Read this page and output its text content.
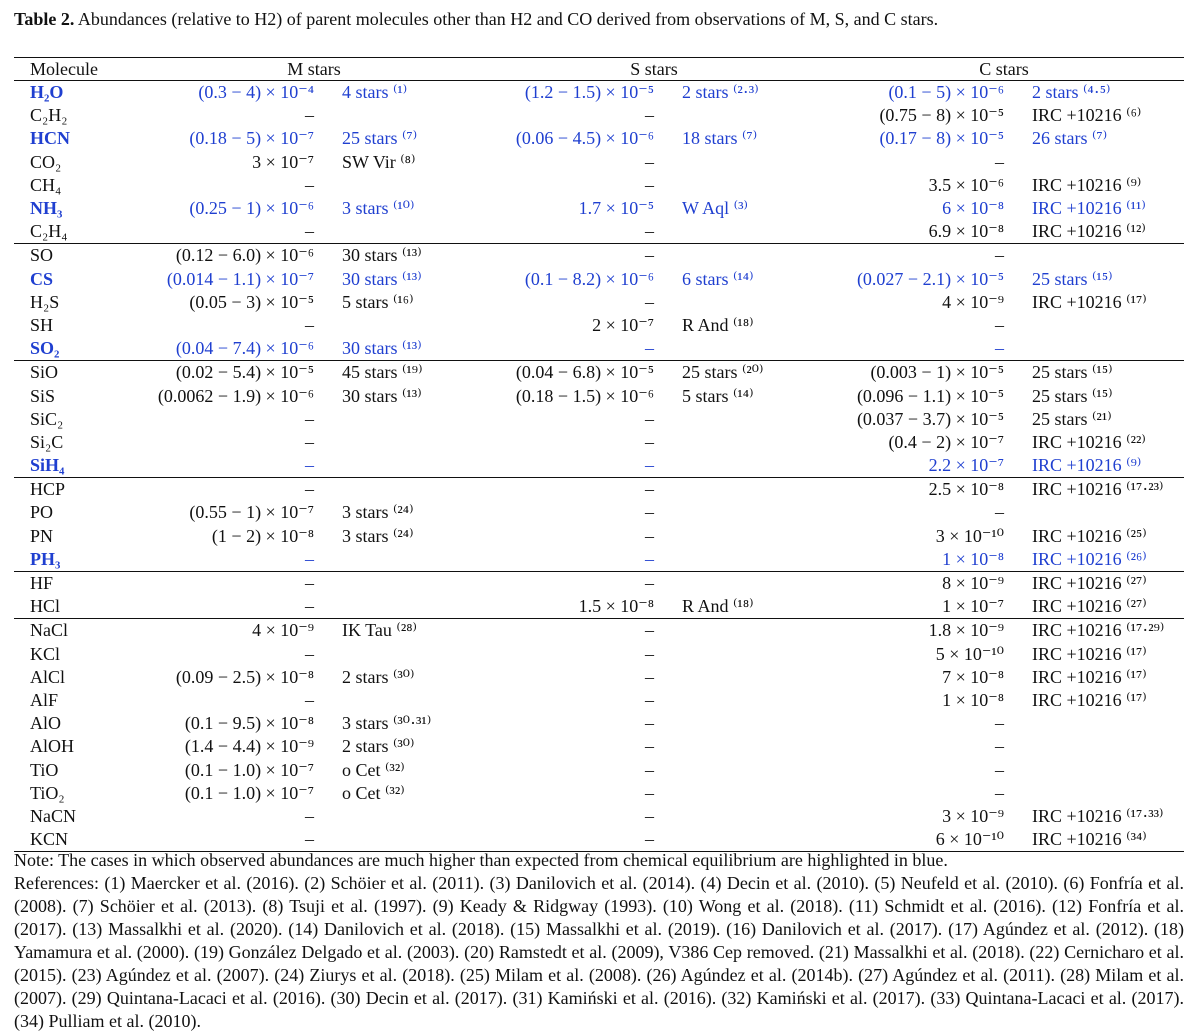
Table 2. Abundances (relative to H2) of parent molecules other than H2 and CO derived from observations of M, S, and C stars.
Molecule	M stars		S stars		C stars	
H₂O	(0.3 − 4) × 10⁻⁴	4 stars ⁽¹⁾	(1.2 − 1.5) × 10⁻⁵	2 stars ⁽²·³⁾	(0.1 − 5) × 10⁻⁶	2 stars ⁽⁴·⁵⁾
C₂H₂	–		–		(0.75 − 8) × 10⁻⁵	IRC +10216 ⁽⁶⁾
HCN	(0.18 − 5) × 10⁻⁷	25 stars ⁽⁷⁾	(0.06 − 4.5) × 10⁻⁶	18 stars ⁽⁷⁾	(0.17 − 8) × 10⁻⁵	26 stars ⁽⁷⁾
CO₂	3 × 10⁻⁷	SW Vir ⁽⁸⁾	–		–	
CH₄	–		–		3.5 × 10⁻⁶	IRC +10216 ⁽⁹⁾
NH₃	(0.25 − 1) × 10⁻⁶	3 stars ⁽¹⁰⁾	1.7 × 10⁻⁵	W Aql ⁽³⁾	6 × 10⁻⁸	IRC +10216 ⁽¹¹⁾
C₂H₄	–		–		6.9 × 10⁻⁸	IRC +10216 ⁽¹²⁾
SO	(0.12 − 6.0) × 10⁻⁶	30 stars ⁽¹³⁾	–		–	
CS	(0.014 − 1.1) × 10⁻⁷	30 stars ⁽¹³⁾	(0.1 − 8.2) × 10⁻⁶	6 stars ⁽¹⁴⁾	(0.027 − 2.1) × 10⁻⁵	25 stars ⁽¹⁵⁾
H₂S	(0.05 − 3) × 10⁻⁵	5 stars ⁽¹⁶⁾	–		4 × 10⁻⁹	IRC +10216 ⁽¹⁷⁾
SH	–		2 × 10⁻⁷	R And ⁽¹⁸⁾	–	
SO₂	(0.04 − 7.4) × 10⁻⁶	30 stars ⁽¹³⁾	–		–	
SiO	(0.02 − 5.4) × 10⁻⁵	45 stars ⁽¹⁹⁾	(0.04 − 6.8) × 10⁻⁵	25 stars ⁽²⁰⁾	(0.003 − 1) × 10⁻⁵	25 stars ⁽¹⁵⁾
SiS	(0.0062 − 1.9) × 10⁻⁶	30 stars ⁽¹³⁾	(0.18 − 1.5) × 10⁻⁶	5 stars ⁽¹⁴⁾	(0.096 − 1.1) × 10⁻⁵	25 stars ⁽¹⁵⁾
SiC₂	–		–		(0.037 − 3.7) × 10⁻⁵	25 stars ⁽²¹⁾
Si₂C	–		–		(0.4 − 2) × 10⁻⁷	IRC +10216 ⁽²²⁾
SiH₄	–		–		2.2 × 10⁻⁷	IRC +10216 ⁽⁹⁾
HCP	–		–		2.5 × 10⁻⁸	IRC +10216 ⁽¹⁷·²³⁾
PO	(0.55 − 1) × 10⁻⁷	3 stars ⁽²⁴⁾	–		–	
PN	(1 − 2) × 10⁻⁸	3 stars ⁽²⁴⁾	–		3 × 10⁻¹⁰	IRC +10216 ⁽²⁵⁾
PH₃	–		–		1 × 10⁻⁸	IRC +10216 ⁽²⁶⁾
HF	–		–		8 × 10⁻⁹	IRC +10216 ⁽²⁷⁾
HCl	–		1.5 × 10⁻⁸	R And ⁽¹⁸⁾	1 × 10⁻⁷	IRC +10216 ⁽²⁷⁾
NaCl	4 × 10⁻⁹	IK Tau ⁽²⁸⁾	–		1.8 × 10⁻⁹	IRC +10216 ⁽¹⁷·²⁹⁾
KCl	–		–		5 × 10⁻¹⁰	IRC +10216 ⁽¹⁷⁾
AlCl	(0.09 − 2.5) × 10⁻⁸	2 stars ⁽³⁰⁾	–		7 × 10⁻⁸	IRC +10216 ⁽¹⁷⁾
AlF	–		–		1 × 10⁻⁸	IRC +10216 ⁽¹⁷⁾
AlO	(0.1 − 9.5) × 10⁻⁸	3 stars ⁽³⁰·³¹⁾	–		–	
AlOH	(1.4 − 4.4) × 10⁻⁹	2 stars ⁽³⁰⁾	–		–	
TiO	(0.1 − 1.0) × 10⁻⁷	o Cet ⁽³²⁾	–		–	
TiO₂	(0.1 − 1.0) × 10⁻⁷	o Cet ⁽³²⁾	–		–	
NaCN	–		–		3 × 10⁻⁹	IRC +10216 ⁽¹⁷·³³⁾
KCN	–		–		6 × 10⁻¹⁰	IRC +10216 ⁽³⁴⁾

Note: The cases in which observed abundances are much higher than expected from chemical equilibrium are highlighted in blue.

References: (1) Maercker et al. (2016). (2) Schöier et al. (2011). (3) Danilovich et al. (2014). (4) Decin et al. (2010). (5) Neufeld et al. (2010). (6) Fonfría et al. (2008). (7) Schöier et al. (2013). (8) Tsuji et al. (1997). (9) Keady & Ridgway (1993). (10) Wong et al. (2018). (11) Schmidt et al. (2016). (12) Fonfría et al. (2017). (13) Massalkhi et al. (2020). (14) Danilovich et al. (2018). (15) Massalkhi et al. (2019). (16) Danilovich et al. (2017). (17) Agúndez et al. (2012). (18) Yamamura et al. (2000). (19) González Delgado et al. (2003). (20) Ramstedt et al. (2009), V386 Cep removed. (21) Massalkhi et al. (2018). (22) Cernicharo et al. (2015). (23) Agúndez et al. (2007). (24) Ziurys et al. (2018). (25) Milam et al. (2008). (26) Agúndez et al. (2014b). (27) Agúndez et al. (2011). (28) Milam et al. (2007). (29) Quintana-Lacaci et al. (2016). (30) Decin et al. (2017). (31) Kamiński et al. (2016). (32) Kamiński et al. (2017). (33) Quintana-Lacaci et al. (2017). (34) Pulliam et al. (2010).
